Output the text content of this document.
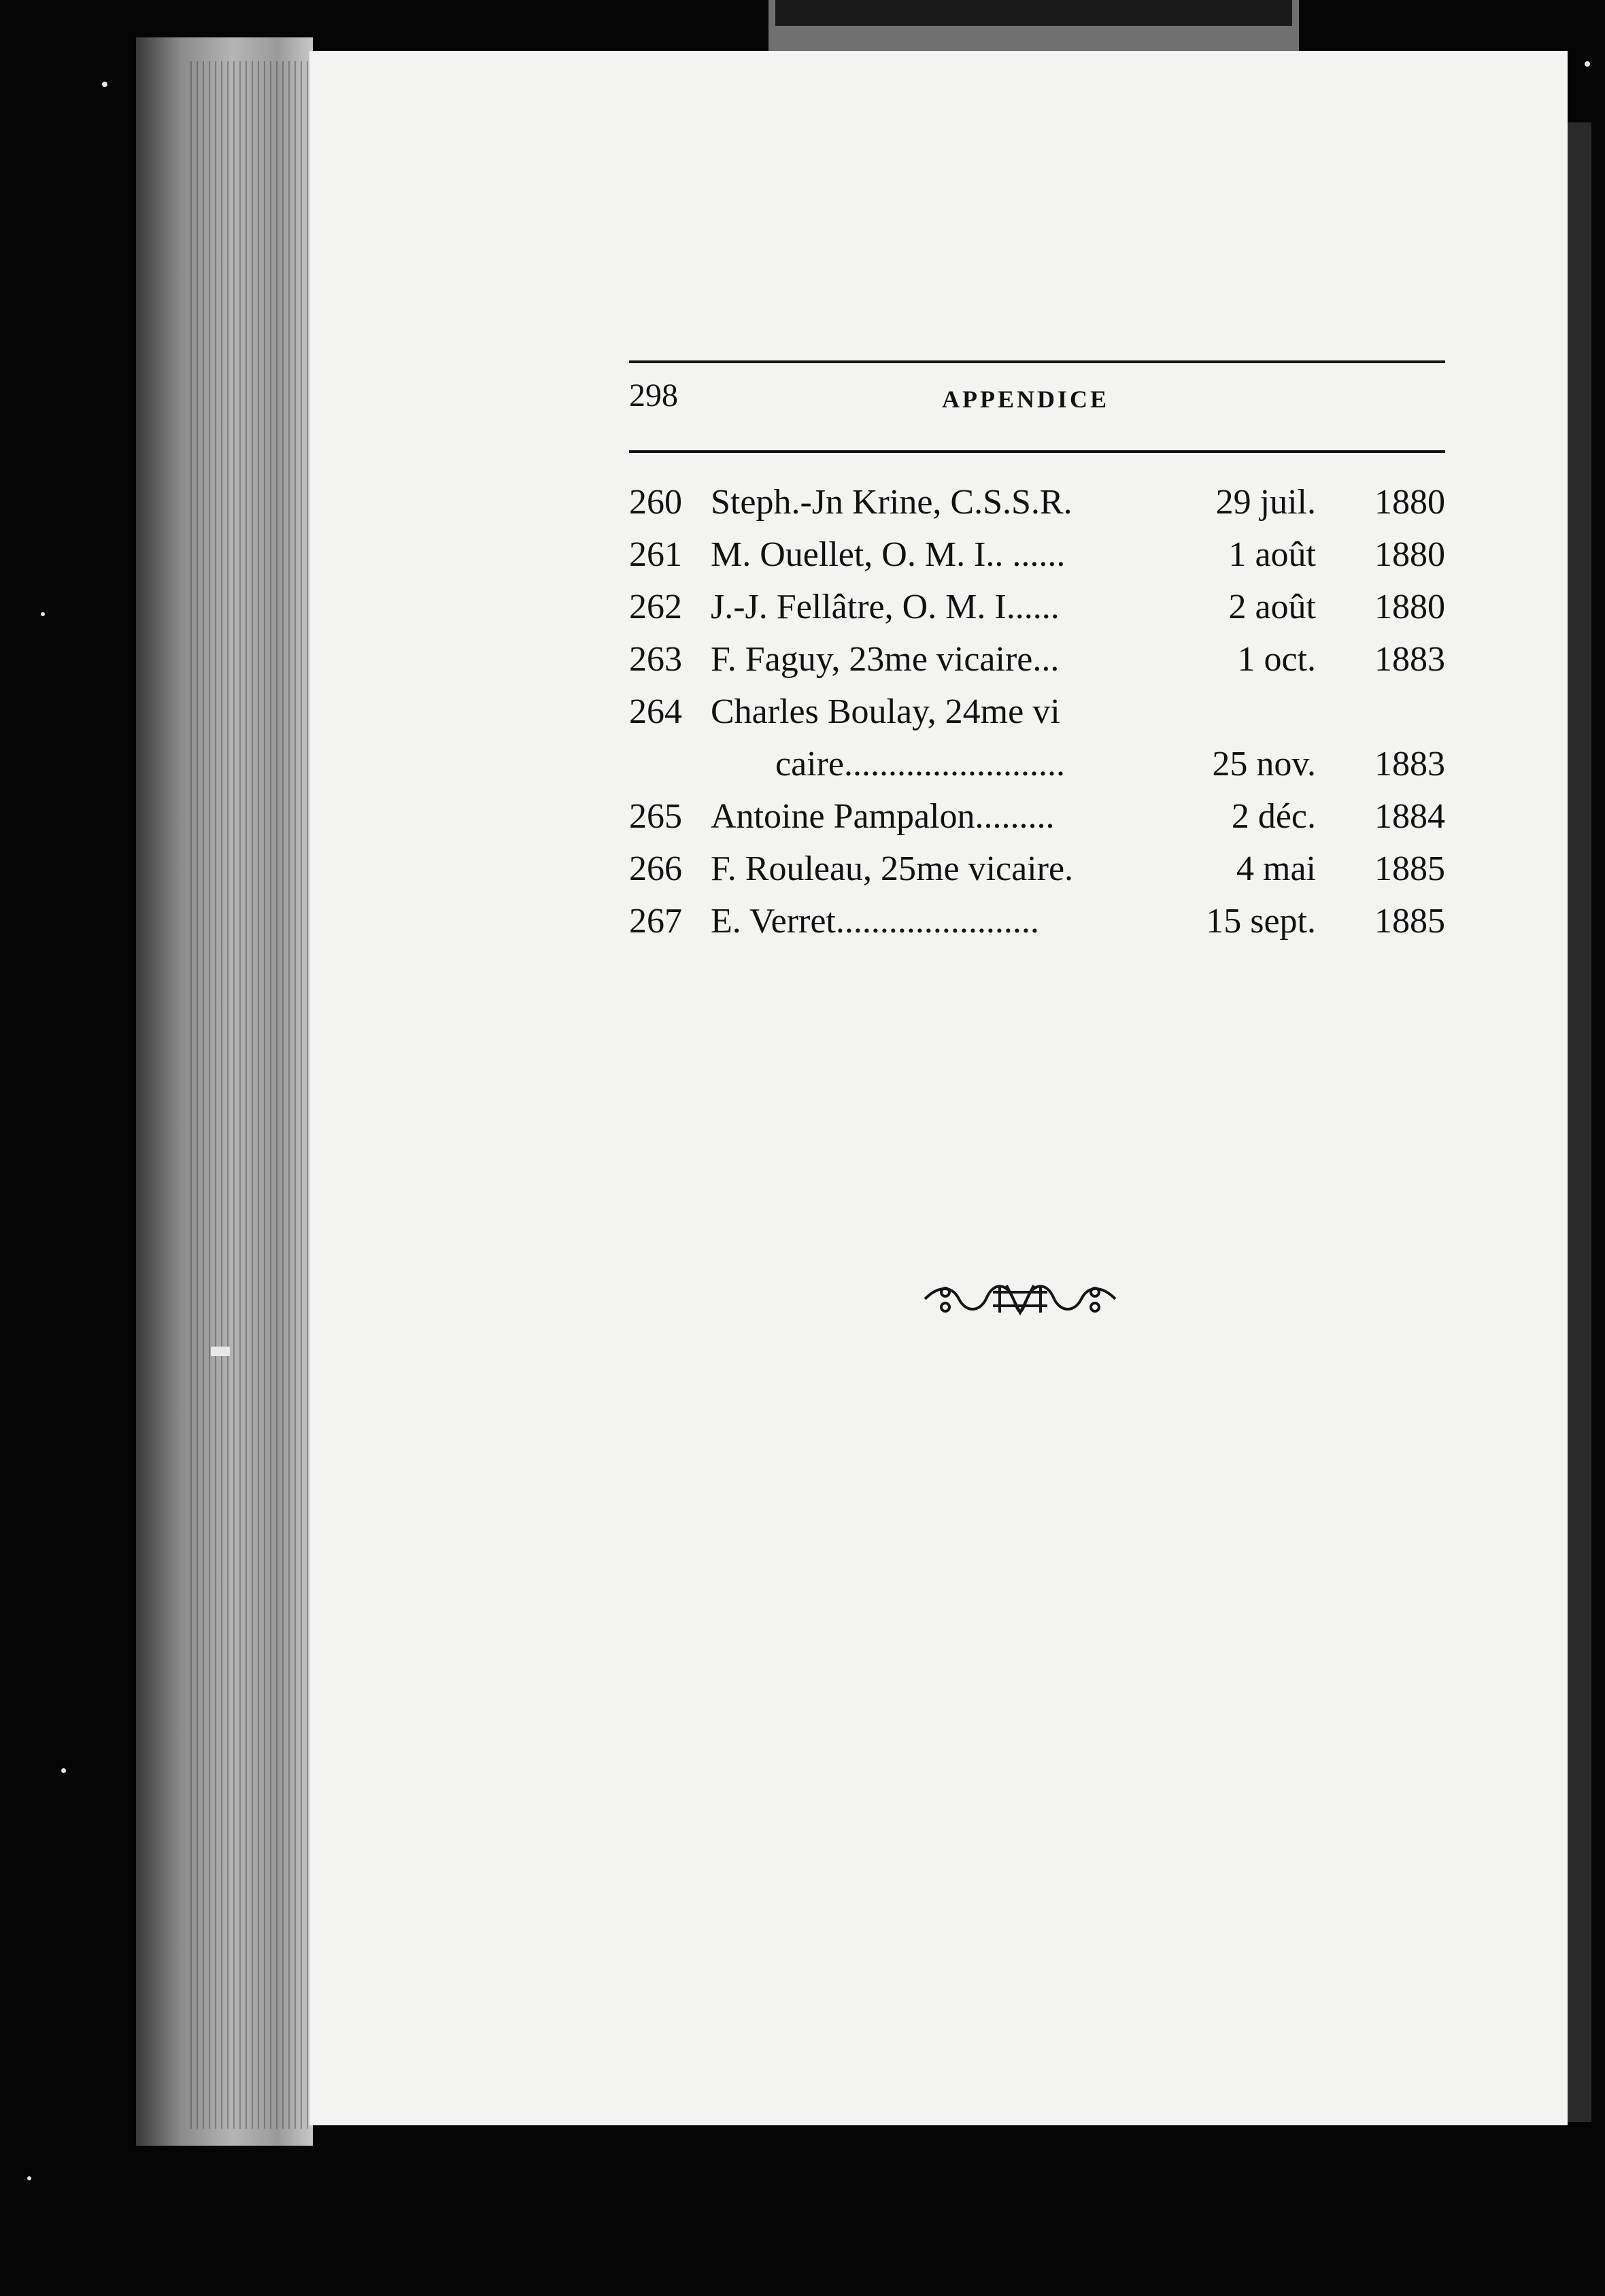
298	APPENDICE
260 Steph.-Jn Krine, C.S.S.R.	29 juil.	1880
261 M. Ouellet, O. M. I.. ......	1 août	1880
262 J.-J. Fellâtre, O. M. I......	2 août	1880
263 F. Faguy, 23me vicaire...	1 oct.	1883
264 Charles Boulay, 24me vi
caire.........................	25 nov.	1883
265 Antoine Pampalon.........	2 déc.	1884
266 F. Rouleau, 25me vicaire.	4 mai	1885
267 E. Verret.......................	15 sept.	1885
